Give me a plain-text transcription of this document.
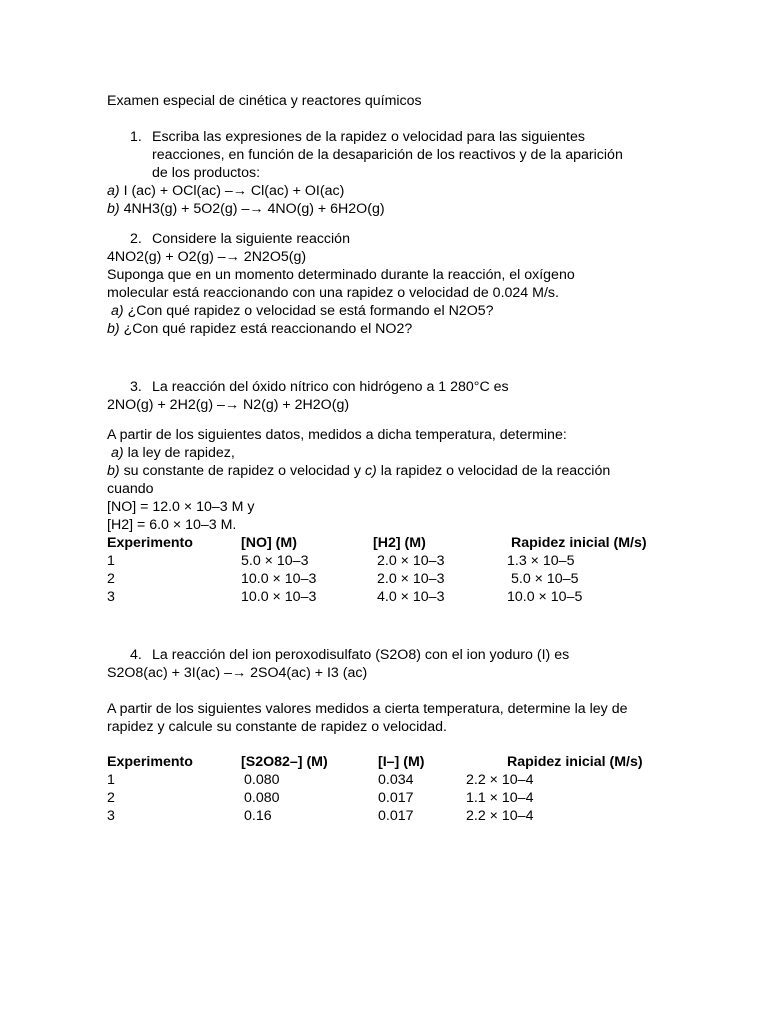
Examen especial de cinética y reactores químicos
1. Escriba las expresiones de la rapidez o velocidad para las siguientes
reacciones, en función de la desaparición de los reactivos y de la aparición
de los productos:
a) I (ac) + OCl(ac) –→ Cl(ac) + OI(ac)
b) 4NH3(g) + 5O2(g) –→ 4NO(g) + 6H2O(g)
2. Considere la siguiente reacción
4NO2(g) + O2(g) –→ 2N2O5(g)
Suponga que en un momento determinado durante la reacción, el oxígeno
molecular está reaccionando con una rapidez o velocidad de 0.024 M/s.
a) ¿Con qué rapidez o velocidad se está formando el N2O5?
b) ¿Con qué rapidez está reaccionando el NO2?
3. La reacción del óxido nítrico con hidrógeno a 1 280°C es
2NO(g) + 2H2(g) –→ N2(g) + 2H2O(g)
A partir de los siguientes datos, medidos a dicha temperatura, determine:
a) la ley de rapidez,
b) su constante de rapidez o velocidad y c) la rapidez o velocidad de la reacción
cuando
[NO] = 12.0 × 10–3 M y
[H2] = 6.0 × 10–3 M.
Experimento	[NO] (M)	[H2] (M)	Rapidez inicial (M/s)
1	5.0 × 10–3	2.0 × 10–3	1.3 × 10–5
2	10.0 × 10–3	2.0 × 10–3	5.0 × 10–5
3	10.0 × 10–3	4.0 × 10–3	10.0 × 10–5
4. La reacción del ion peroxodisulfato (S2O8) con el ion yoduro (I) es
S2O8(ac) + 3I(ac) –→ 2SO4(ac) + I3 (ac)
A partir de los siguientes valores medidos a cierta temperatura, determine la ley de
rapidez y calcule su constante de rapidez o velocidad.
Experimento	[S2O82–] (M)	[I–] (M)	Rapidez inicial (M/s)
1	0.080	0.034	2.2 × 10–4
2	0.080	0.017	1.1 × 10–4
3	0.16	0.017	2.2 × 10–4
